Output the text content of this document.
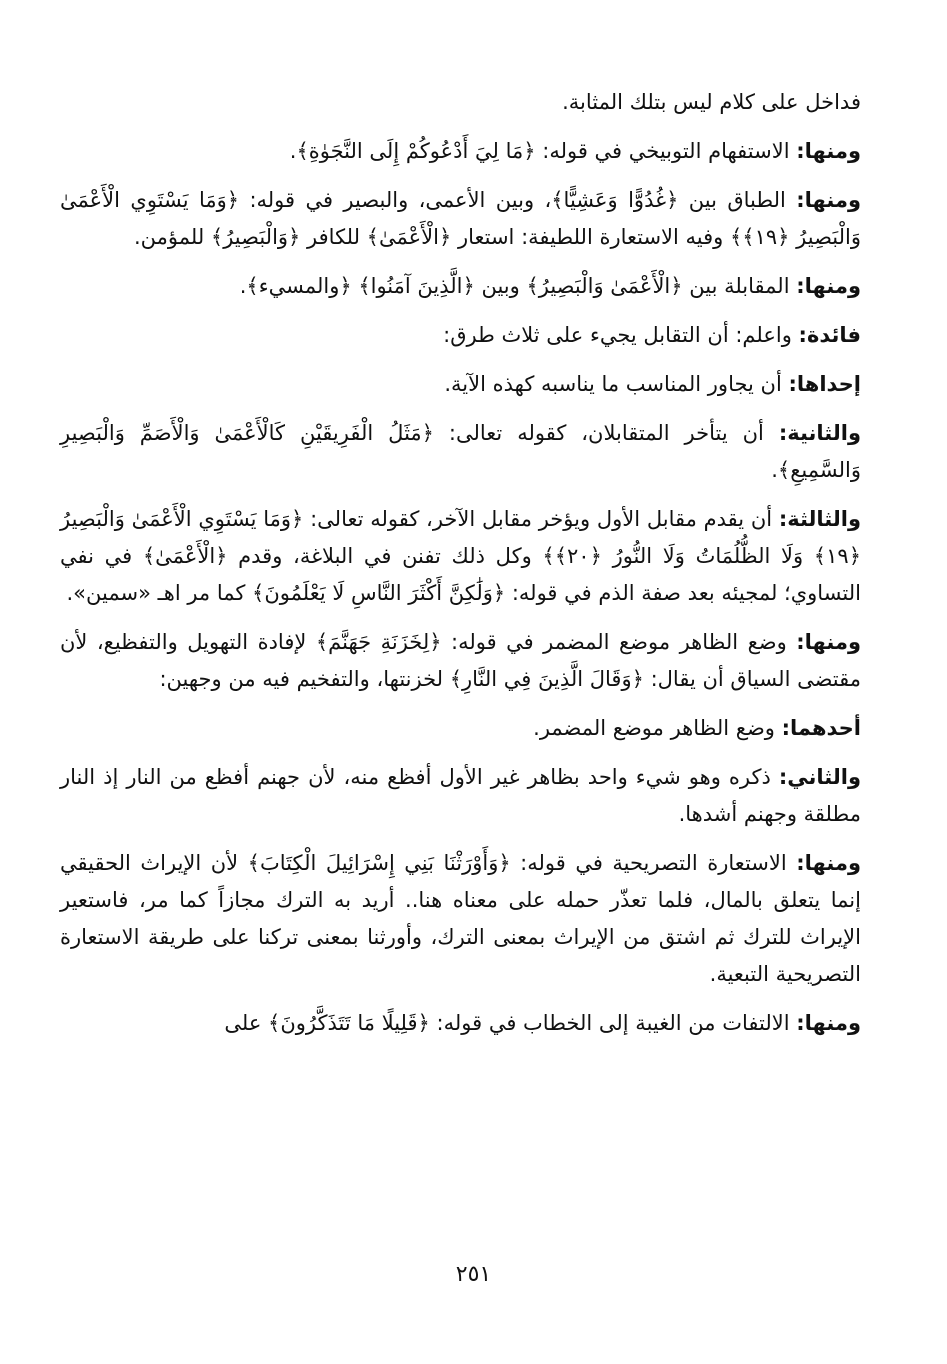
فداخل على كلام ليس بتلك المثابة.

ومنها: الاستفهام التوبيخي في قوله: ﴿مَا لِيَ أَدْعُوكُمْ إِلَى النَّجَوٰةِ﴾.

ومنها: الطباق بين ﴿غُدُوًّا وَعَشِيًّا﴾، وبين الأعمى، والبصير في قوله: ﴿وَمَا يَسْتَوِي الْأَعْمَىٰ وَالْبَصِيرُ ﴿١٩﴾﴾ وفيه الاستعارة اللطيفة: استعار ﴿الْأَعْمَىٰ﴾ للكافر ﴿وَالْبَصِيرُ﴾ للمؤمن.

ومنها: المقابلة بين ﴿الْأَعْمَىٰ وَالْبَصِيرُ﴾ وبين ﴿الَّذِينَ آمَنُوا﴾ ﴿والمسيء﴾.

فائدة: واعلم: أن التقابل يجيء على ثلاث طرق:

إحداها: أن يجاور المناسب ما يناسبه كهذه الآية.

والثانية: أن يتأخر المتقابلان، كقوله تعالى: ﴿مَثَلُ الْفَرِيقَيْنِ كَالْأَعْمَىٰ وَالْأَصَمِّ وَالْبَصِيرِ وَالسَّمِيعِ﴾.

والثالثة: أن يقدم مقابل الأول ويؤخر مقابل الآخر، كقوله تعالى: ﴿وَمَا يَسْتَوِي الْأَعْمَىٰ وَالْبَصِيرُ ﴿١٩﴾ وَلَا الظُّلُمَاتُ وَلَا النُّورُ ﴿٢٠﴾﴾ وكل ذلك تفنن في البلاغة، وقدم ﴿الْأَعْمَىٰ﴾ في نفي التساوي؛ لمجيئه بعد صفة الذم في قوله: ﴿وَلَٰكِنَّ أَكْثَرَ النَّاسِ لَا يَعْلَمُونَ﴾ كما مر اهـ «سمين».

ومنها: وضع الظاهر موضع المضمر في قوله: ﴿لِخَزَنَةِ جَهَنَّمَ﴾ لإفادة التهويل والتفظيع، لأن مقتضى السياق أن يقال: ﴿وَقَالَ الَّذِينَ فِي النَّارِ﴾ لخزنتها، والتفخيم فيه من وجهين:

أحدهما: وضع الظاهر موضع المضمر.

والثاني: ذكره وهو شيء واحد بظاهر غير الأول أفظع منه، لأن جهنم أفظع من النار إذ النار مطلقة وجهنم أشدها.

ومنها: الاستعارة التصريحية في قوله: ﴿وَأَوْرَثْنَا بَنِي إِسْرَائِيلَ الْكِتَابَ﴾ لأن الإيراث الحقيقي إنما يتعلق بالمال، فلما تعذّر حمله على معناه هنا.. أريد به الترك مجازاً كما مر، فاستعير الإيراث للترك ثم اشتق من الإيراث بمعنى الترك، وأورثنا بمعنى تركنا على طريقة الاستعارة التصريحية التبعية.

ومنها: الالتفات من الغيبة إلى الخطاب في قوله: ﴿قَلِيلًا مَا تَتَذَكَّرُونَ﴾ على

٢٥١
